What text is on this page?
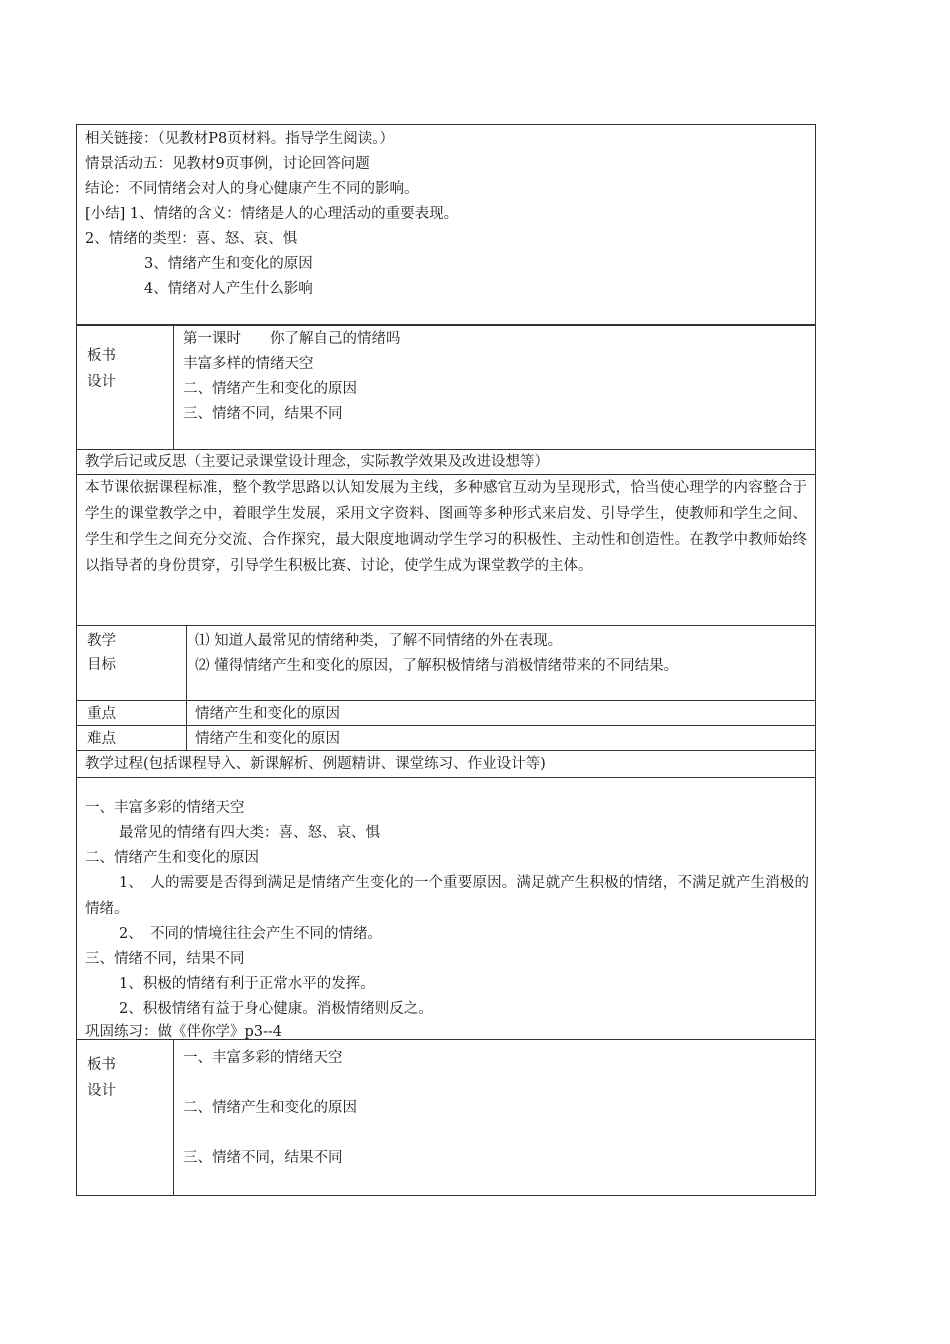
相关链接：（见教材P8页材料。指导学生阅读。）
情景活动五：见教材9页事例，讨论回答问题
结论：不同情绪会对人的身心健康产生不同的影响。
[小结] 1、情绪的含义：情绪是人的心理活动的重要表现。
2、情绪的类型：喜、怒、哀、惧
3、情绪产生和变化的原因
4、情绪对人产生什么影响
板书
设计
第一课时　　你了解自己的情绪吗
丰富多样的情绪天空
二、情绪产生和变化的原因
三、情绪不同，结果不同
教学后记或反思（主要记录课堂设计理念，实际教学效果及改进设想等）
本节课依据课程标准，整个教学思路以认知发展为主线，多种感官互动为呈现形式，恰当使心理学的内容整合于学生的课堂教学之中，着眼学生发展，采用文字资料、图画等多种形式来启发、引导学生，使教师和学生之间、学生和学生之间充分交流、合作探究，最大限度地调动学生学习的积极性、主动性和创造性。在教学中教师始终以指导者的身份贯穿，引导学生积极比赛、讨论，使学生成为课堂教学的主体。
教学
目标
⑴ 知道人最常见的情绪种类，了解不同情绪的外在表现。
⑵ 懂得情绪产生和变化的原因，了解积极情绪与消极情绪带来的不同结果。
重点	情绪产生和变化的原因
难点	情绪产生和变化的原因
教学过程(包括课程导入、新课解析、例题精讲、课堂练习、作业设计等)
一、丰富多彩的情绪天空
最常见的情绪有四大类：喜、怒、哀、惧
二、情绪产生和变化的原因
1、　人的需要是否得到满足是情绪产生变化的一个重要原因。满足就产生积极的情绪，不满足就产生消极的情绪。
2、　不同的情境往往会产生不同的情绪。
三、情绪不同，结果不同
1、积极的情绪有利于正常水平的发挥。
2、积极情绪有益于身心健康。消极情绪则反之。
巩固练习：做《伴你学》p3--4
板书
设计
一、丰富多彩的情绪天空
二、情绪产生和变化的原因
三、情绪不同，结果不同
